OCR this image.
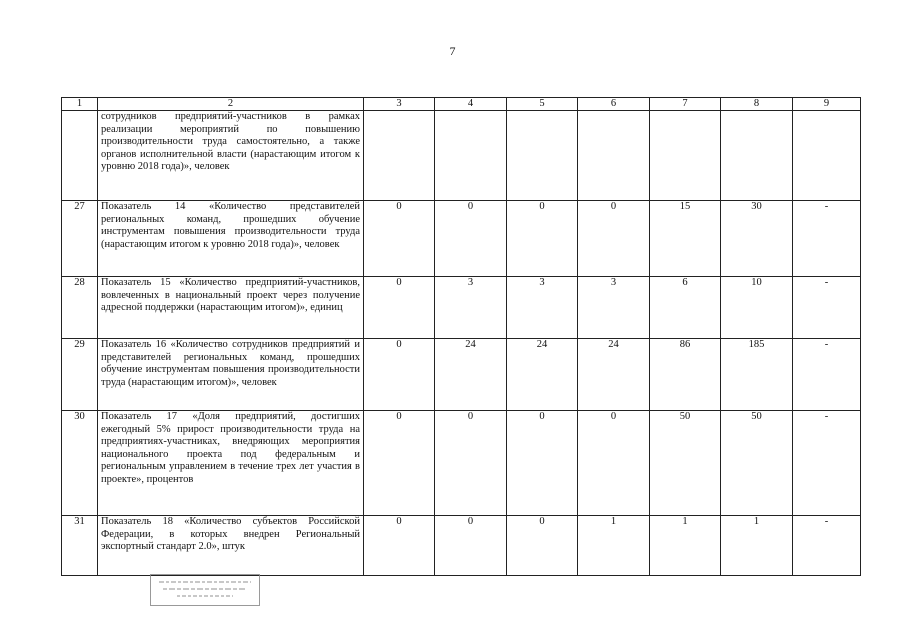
7
1	2	3	4	5	6	7	8	9
	сотрудников предприятий-участников в рамках реализации мероприятий по повышению производительности труда самостоятельно, а также органов исполнительной власти (нарастающим итогом к уровню 2018 года)», человек							
27	Показатель 14 «Количество представителей региональных команд, прошедших обучение инструментам повышения производительности труда (нарастающим итогом к уровню 2018 года)», человек	0	0	0	0	15	30	-
28	Показатель 15 «Количество предприятий-участников, вовлеченных в национальный проект через получение адресной поддержки (нарастающим итогом)», единиц	0	3	3	3	6	10	-
29	Показатель 16 «Количество сотрудников предприятий и представителей региональных команд, прошедших обучение инструментам повышения производительности труда (нарастающим итогом)», человек	0	24	24	24	86	185	-
30	Показатель 17 «Доля предприятий, достигших ежегодный 5% прирост производительности труда на предприятиях-участниках, внедряющих мероприятия национального проекта под федеральным и региональным управлением в течение трех лет участия в проекте», процентов	0	0	0	0	50	50	-
31	Показатель 18 «Количество субъектов Российской Федерации, в которых внедрен Региональный экспортный стандарт 2.0», штук	0	0	0	1	1	1	-
